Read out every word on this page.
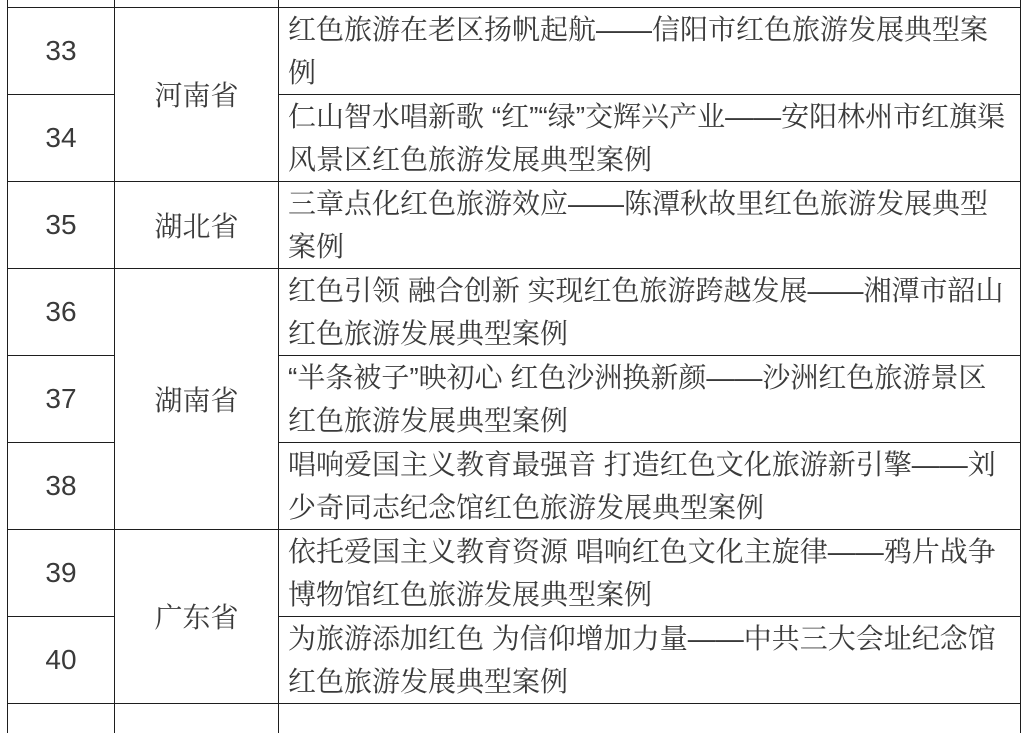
33	河南省	红色旅游在老区扬帆起航——信阳市红色旅游发展典型案例
34		仁山智水唱新歌 “红”“绿”交辉兴产业——安阳林州市红旗渠风景区红色旅游发展典型案例
35	湖北省	三章点化红色旅游效应——陈潭秋故里红色旅游发展典型案例
36	湖南省	红色引领 融合创新 实现红色旅游跨越发展——湘潭市韶山红色旅游发展典型案例
37		“半条被子”映初心 红色沙洲换新颜——沙洲红色旅游景区红色旅游发展典型案例
38		唱响爱国主义教育最强音 打造红色文化旅游新引擎——刘少奇同志纪念馆红色旅游发展典型案例
39	广东省	依托爱国主义教育资源 唱响红色文化主旋律——鸦片战争博物馆红色旅游发展典型案例
40		为旅游添加红色 为信仰增加力量——中共三大会址纪念馆红色旅游发展典型案例
